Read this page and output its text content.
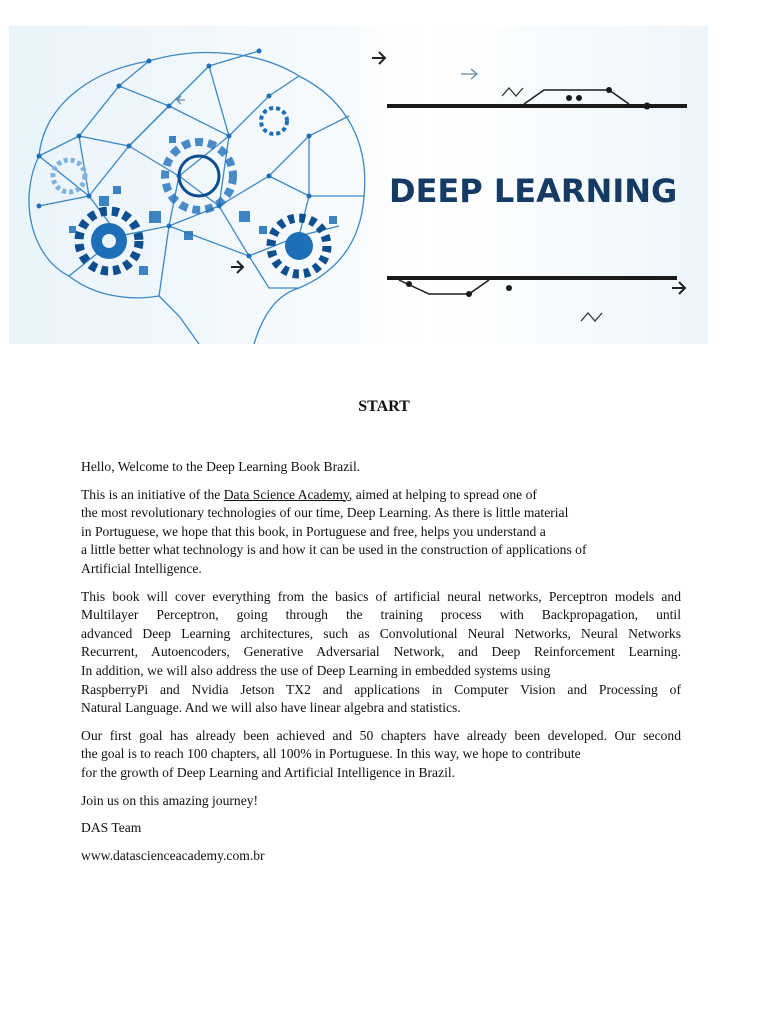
DEEP LEARNING
START

Hello, Welcome to the Deep Learning Book Brazil.

This is an initiative of the Data Science Academy, aimed at helping to spread one of
the most revolutionary technologies of our time, Deep Learning. As there is little material
in Portuguese, we hope that this book, in Portuguese and free, helps you understand a
a little better what technology is and how it can be used in the construction of applications of
Artificial Intelligence.

This book will cover everything from the basics of artificial neural networks, Perceptron models and
Multilayer Perceptron, going through the training process with Backpropagation, until
advanced Deep Learning architectures, such as Convolutional Neural Networks, Neural Networks
Recurrent, Autoencoders, Generative Adversarial Network, and Deep Reinforcement Learning.
In addition, we will also address the use of Deep Learning in embedded systems using
RaspberryPi and Nvidia Jetson TX2 and applications in Computer Vision and Processing of
Natural Language. And we will also have linear algebra and statistics.

Our first goal has already been achieved and 50 chapters have already been developed. Our second
the goal is to reach 100 chapters, all 100% in Portuguese. In this way, we hope to contribute
for the growth of Deep Learning and Artificial Intelligence in Brazil.

Join us on this amazing journey!

DAS Team

www.datascienceacademy.com.br
